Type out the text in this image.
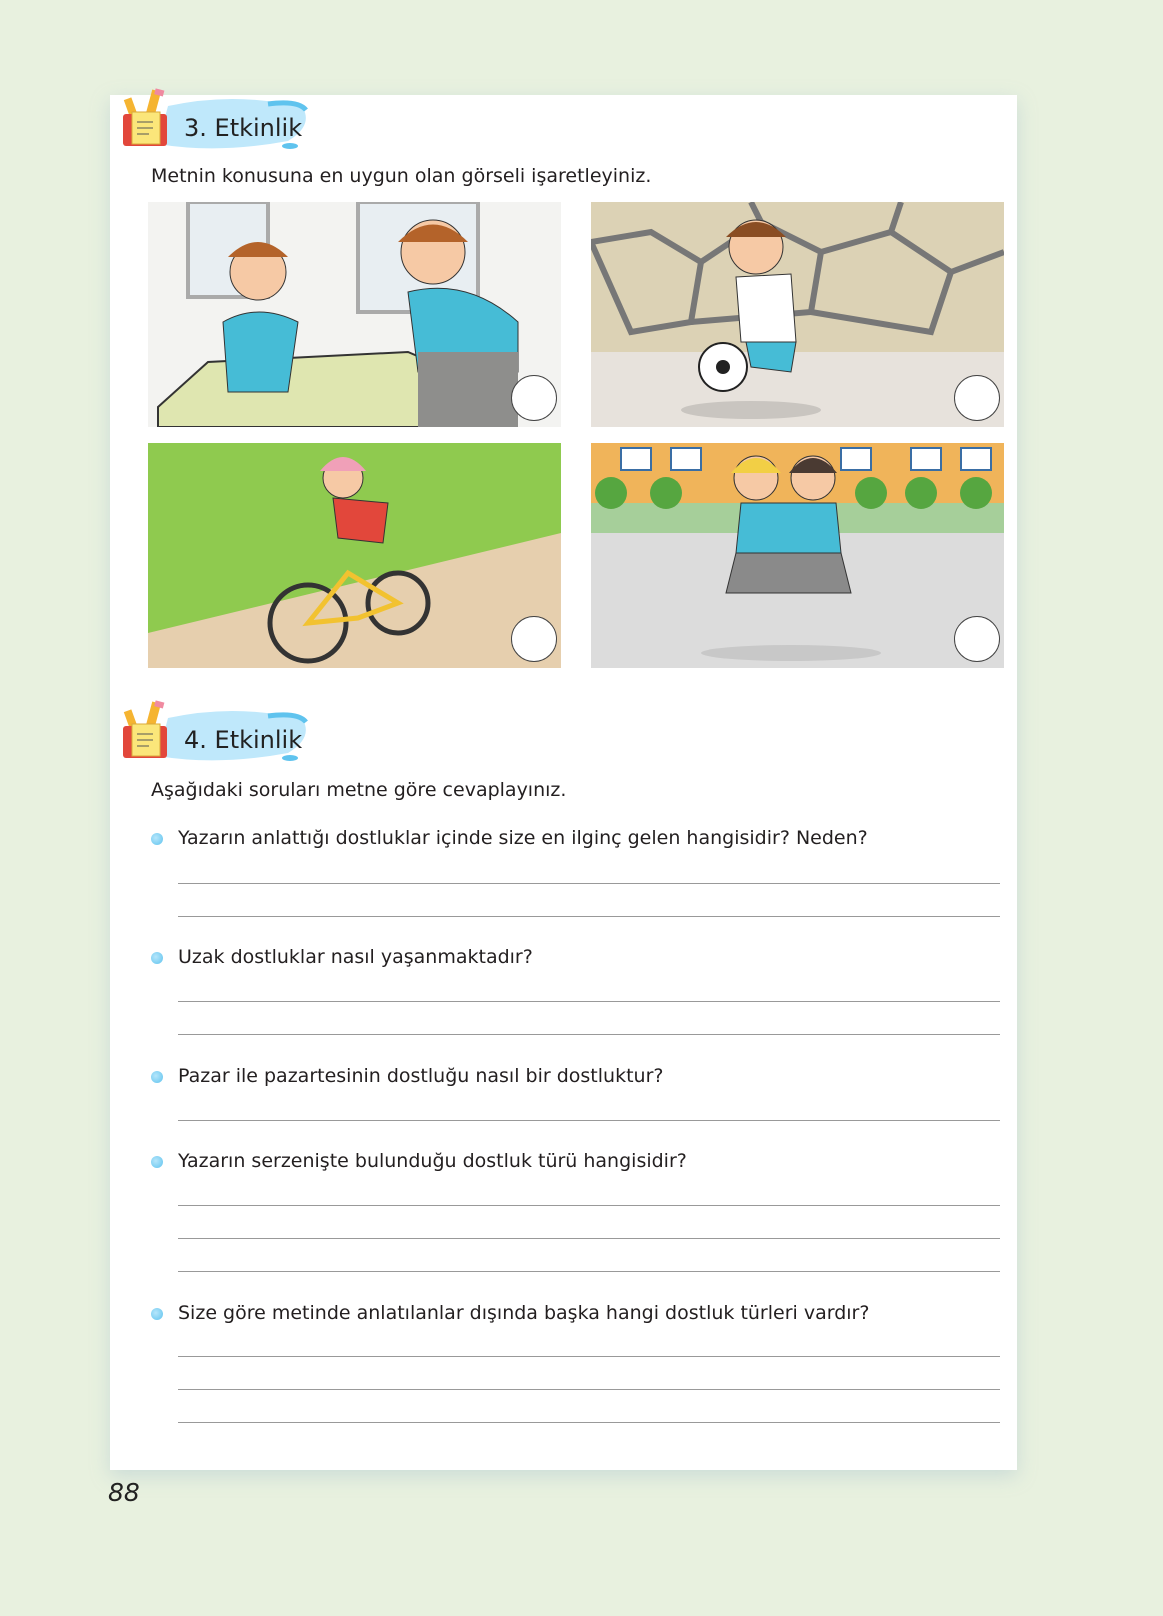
3. Etkinlik
Metnin konusuna en uygun olan görseli işaretleyiniz.
4. Etkinlik
Aşağıdaki soruları metne göre cevaplayınız.
Yazarın anlattığı dostluklar içinde size en ilginç gelen hangisidir? Neden?
Uzak dostluklar nasıl yaşanmaktadır?
Pazar ile pazartesinin dostluğu nasıl bir dostluktur?
Yazarın serzenişte bulunduğu dostluk türü hangisidir?
Size göre metinde anlatılanlar dışında başka hangi dostluk türleri vardır?
88
